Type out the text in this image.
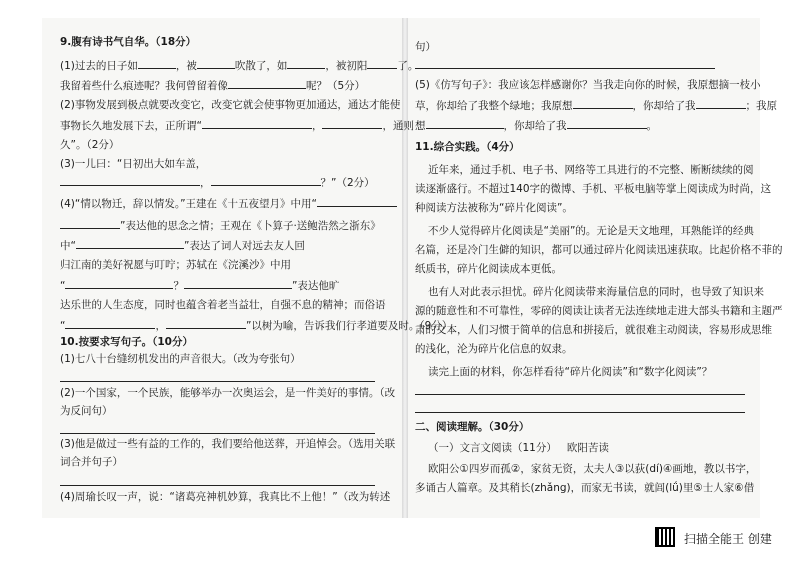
9.腹有诗书气自华。（18分）
(1)过去的日子如	，被	吹散了，如	，被初阳	了。
我留着些什么痕迹呢？我何曾留着像	呢？（5分）
(2)事物发展到极点就要改变它，改变它就会使事物更加通达，通达才能使
事物长久地发展下去，正所谓“	，	，通则
久”。（2分）
(3)一儿曰：“日初出大如车盖，
，	？”（2分）
(4)“情以物迁，辞以情发。”王建在《十五夜望月》中用“
”表达他的思念之情；王观在《卜算子·送鲍浩然之浙东》
中“	”表达了词人对远去友人回
归江南的美好祝愿与叮咛；苏轼在《浣溪沙》中用
“	？	”表达他旷
达乐世的人生态度，同时也蕴含着老当益壮，自强不息的精神；而俗语
“	，	”以树为喻，告诉我们行孝道要及时。（9分）
10.按要求写句子。（10分）
(1)七八十台缝纫机发出的声音很大。（改为夸张句）
(2)一个国家，一个民族，能够举办一次奥运会，是一件美好的事情。（改
为反问句）
(3)他是做过一些有益的工作的，我们要给他送葬，开追悼会。（选用关联
词合并句子）
(4)周瑜长叹一声，说：“诸葛亮神机妙算，我真比不上他！”（改为转述
句）
(5)《仿写句子》：我应该怎样感谢你？当我走向你的时候，我原想摘一枝小
草，你却给了我整个绿地；我原想	，你却给了我	；我原
想	，你却给了我	。
11.综合实践。（4分）
近年来，通过手机、电子书、网络等工具进行的不完整、断断续续的阅
读逐渐盛行。不超过140字的微博、手机、平板电脑等掌上阅读成为时尚，这
种阅读方法被称为“碎片化阅读”。
不少人觉得碎片化阅读是“美丽”的。无论是天文地理，耳熟能详的经典
名篇，还是冷门生僻的知识，都可以通过碎片化阅读迅速获取。比起价格不菲的
纸质书，碎片化阅读成本更低。
也有人对此表示担忧。碎片化阅读带来海量信息的同时，也导致了知识来
源的随意性和不可靠性，零碎的阅读让读者无法连续地走进大部头书籍和主题严
肃的文本，人们习惯于简单的信息和拼接后，就很难主动阅读，容易形成思维
的浅化，沦为碎片化信息的奴隶。
读完上面的材料，你怎样看待“碎片化阅读”和“数字化阅读”？
二、阅读理解。（30分）
（一）文言文阅读（11分） 欧阳苦读
欧阳公①四岁而孤②，家贫无资，太夫人③以荻(dí)④画地，教以书字，
多诵古人篇章。及其稍长(zhǎng)，而家无书读，就闾(lǘ)里⑤士人家⑥借
扫描全能王 创建
